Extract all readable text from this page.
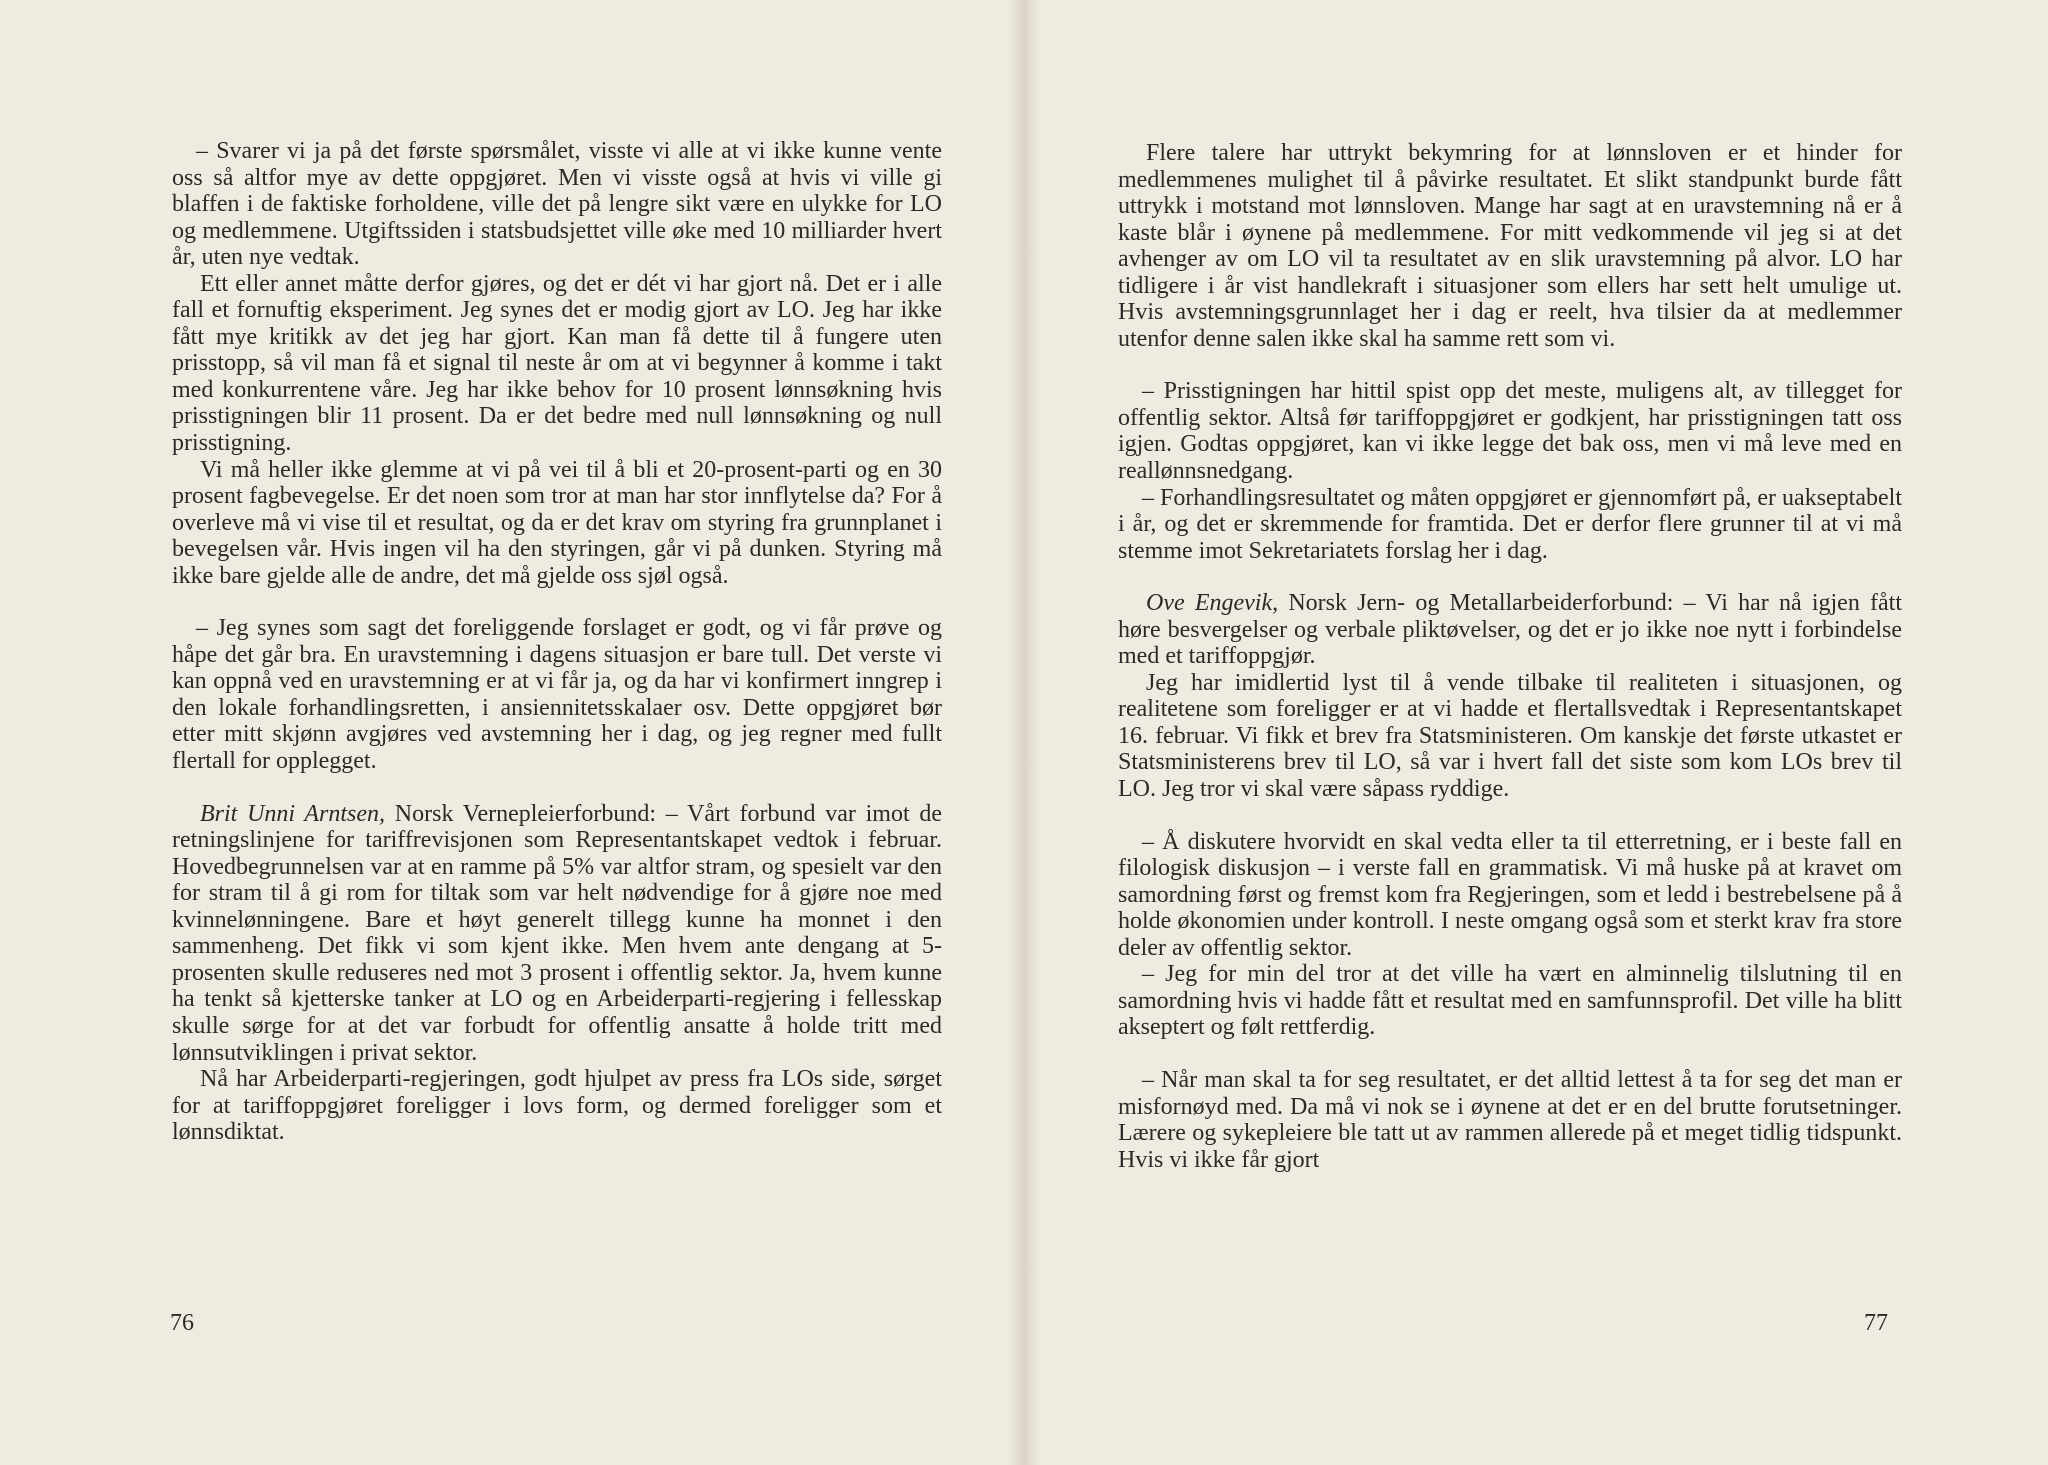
– Svarer vi ja på det første spørsmålet, visste vi alle at vi ikke kunne vente oss så altfor mye av dette oppgjøret. Men vi visste også at hvis vi ville gi blaffen i de faktiske forholdene, ville det på lengre sikt være en ulykke for LO og medlemmene. Utgiftssiden i statsbudsjettet ville øke med 10 milliarder hvert år, uten nye vedtak.

Ett eller annet måtte derfor gjøres, og det er dét vi har gjort nå. Det er i alle fall et fornuftig eksperiment. Jeg synes det er modig gjort av LO. Jeg har ikke fått mye kritikk av det jeg har gjort. Kan man få dette til å fungere uten prisstopp, så vil man få et signal til neste år om at vi begynner å komme i takt med konkurrentene våre. Jeg har ikke behov for 10 prosent lønnsøkning hvis prisstigningen blir 11 prosent. Da er det bedre med null lønnsøkning og null prisstigning.

Vi må heller ikke glemme at vi på vei til å bli et 20-prosent-parti og en 30 prosent fagbevegelse. Er det noen som tror at man har stor innflytelse da? For å overleve må vi vise til et resultat, og da er det krav om styring fra grunnplanet i bevegelsen vår. Hvis ingen vil ha den styringen, går vi på dunken. Styring må ikke bare gjelde alle de andre, det må gjelde oss sjøl også.

– Jeg synes som sagt det foreliggende forslaget er godt, og vi får prøve og håpe det går bra. En uravstemning i dagens situasjon er bare tull. Det verste vi kan oppnå ved en uravstemning er at vi får ja, og da har vi konfirmert inngrep i den lokale forhandlingsretten, i ansiennitetsskalaer osv. Dette oppgjøret bør etter mitt skjønn avgjøres ved avstemning her i dag, og jeg regner med fullt flertall for opplegget.

Brit Unni Arntsen, Norsk Vernepleierforbund: – Vårt forbund var imot de retningslinjene for tariffrevisjonen som Representantskapet vedtok i februar. Hovedbegrunnelsen var at en ramme på 5% var altfor stram, og spesielt var den for stram til å gi rom for tiltak som var helt nødvendige for å gjøre noe med kvinnelønningene. Bare et høyt generelt tillegg kunne ha monnet i den sammenheng. Det fikk vi som kjent ikke. Men hvem ante dengang at 5-prosenten skulle reduseres ned mot 3 prosent i offentlig sektor. Ja, hvem kunne ha tenkt så kjetterske tanker at LO og en Arbeiderparti-regjering i fellesskap skulle sørge for at det var forbudt for offentlig ansatte å holde tritt med lønnsutviklingen i privat sektor.

Nå har Arbeiderparti-regjeringen, godt hjulpet av press fra LOs side, sørget for at tariffoppgjøret foreligger i lovs form, og dermed foreligger som et lønnsdiktat.

76

Flere talere har uttrykt bekymring for at lønnsloven er et hinder for medlemmenes mulighet til å påvirke resultatet. Et slikt standpunkt burde fått uttrykk i motstand mot lønnsloven. Mange har sagt at en uravstemning nå er å kaste blår i øynene på medlemmene. For mitt vedkommende vil jeg si at det avhenger av om LO vil ta resultatet av en slik uravstemning på alvor. LO har tidligere i år vist handlekraft i situasjoner som ellers har sett helt umulige ut. Hvis avstemningsgrunnlaget her i dag er reelt, hva tilsier da at medlemmer utenfor denne salen ikke skal ha samme rett som vi.

– Prisstigningen har hittil spist opp det meste, muligens alt, av tillegget for offentlig sektor. Altså før tariffoppgjøret er godkjent, har prisstigningen tatt oss igjen. Godtas oppgjøret, kan vi ikke legge det bak oss, men vi må leve med en reallønnsnedgang.

– Forhandlingsresultatet og måten oppgjøret er gjennomført på, er uakseptabelt i år, og det er skremmende for framtida. Det er derfor flere grunner til at vi må stemme imot Sekretariatets forslag her i dag.

Ove Engevik, Norsk Jern- og Metallarbeiderforbund: – Vi har nå igjen fått høre besvergelser og verbale pliktøvelser, og det er jo ikke noe nytt i forbindelse med et tariffoppgjør.

Jeg har imidlertid lyst til å vende tilbake til realiteten i situasjonen, og realitetene som foreligger er at vi hadde et flertallsvedtak i Representantskapet 16. februar. Vi fikk et brev fra Statsministeren. Om kanskje det første utkastet er Statsministerens brev til LO, så var i hvert fall det siste som kom LOs brev til LO. Jeg tror vi skal være såpass ryddige.

– Å diskutere hvorvidt en skal vedta eller ta til etterretning, er i beste fall en filologisk diskusjon – i verste fall en grammatisk. Vi må huske på at kravet om samordning først og fremst kom fra Regjeringen, som et ledd i bestrebelsene på å holde økonomien under kontroll. I neste omgang også som et sterkt krav fra store deler av offentlig sektor.

– Jeg for min del tror at det ville ha vært en alminnelig tilslutning til en samordning hvis vi hadde fått et resultat med en samfunnsprofil. Det ville ha blitt akseptert og følt rettferdig.

– Når man skal ta for seg resultatet, er det alltid lettest å ta for seg det man er misfornøyd med. Da må vi nok se i øynene at det er en del brutte forutsetninger. Lærere og sykepleiere ble tatt ut av rammen allerede på et meget tidlig tidspunkt. Hvis vi ikke får gjort

77
